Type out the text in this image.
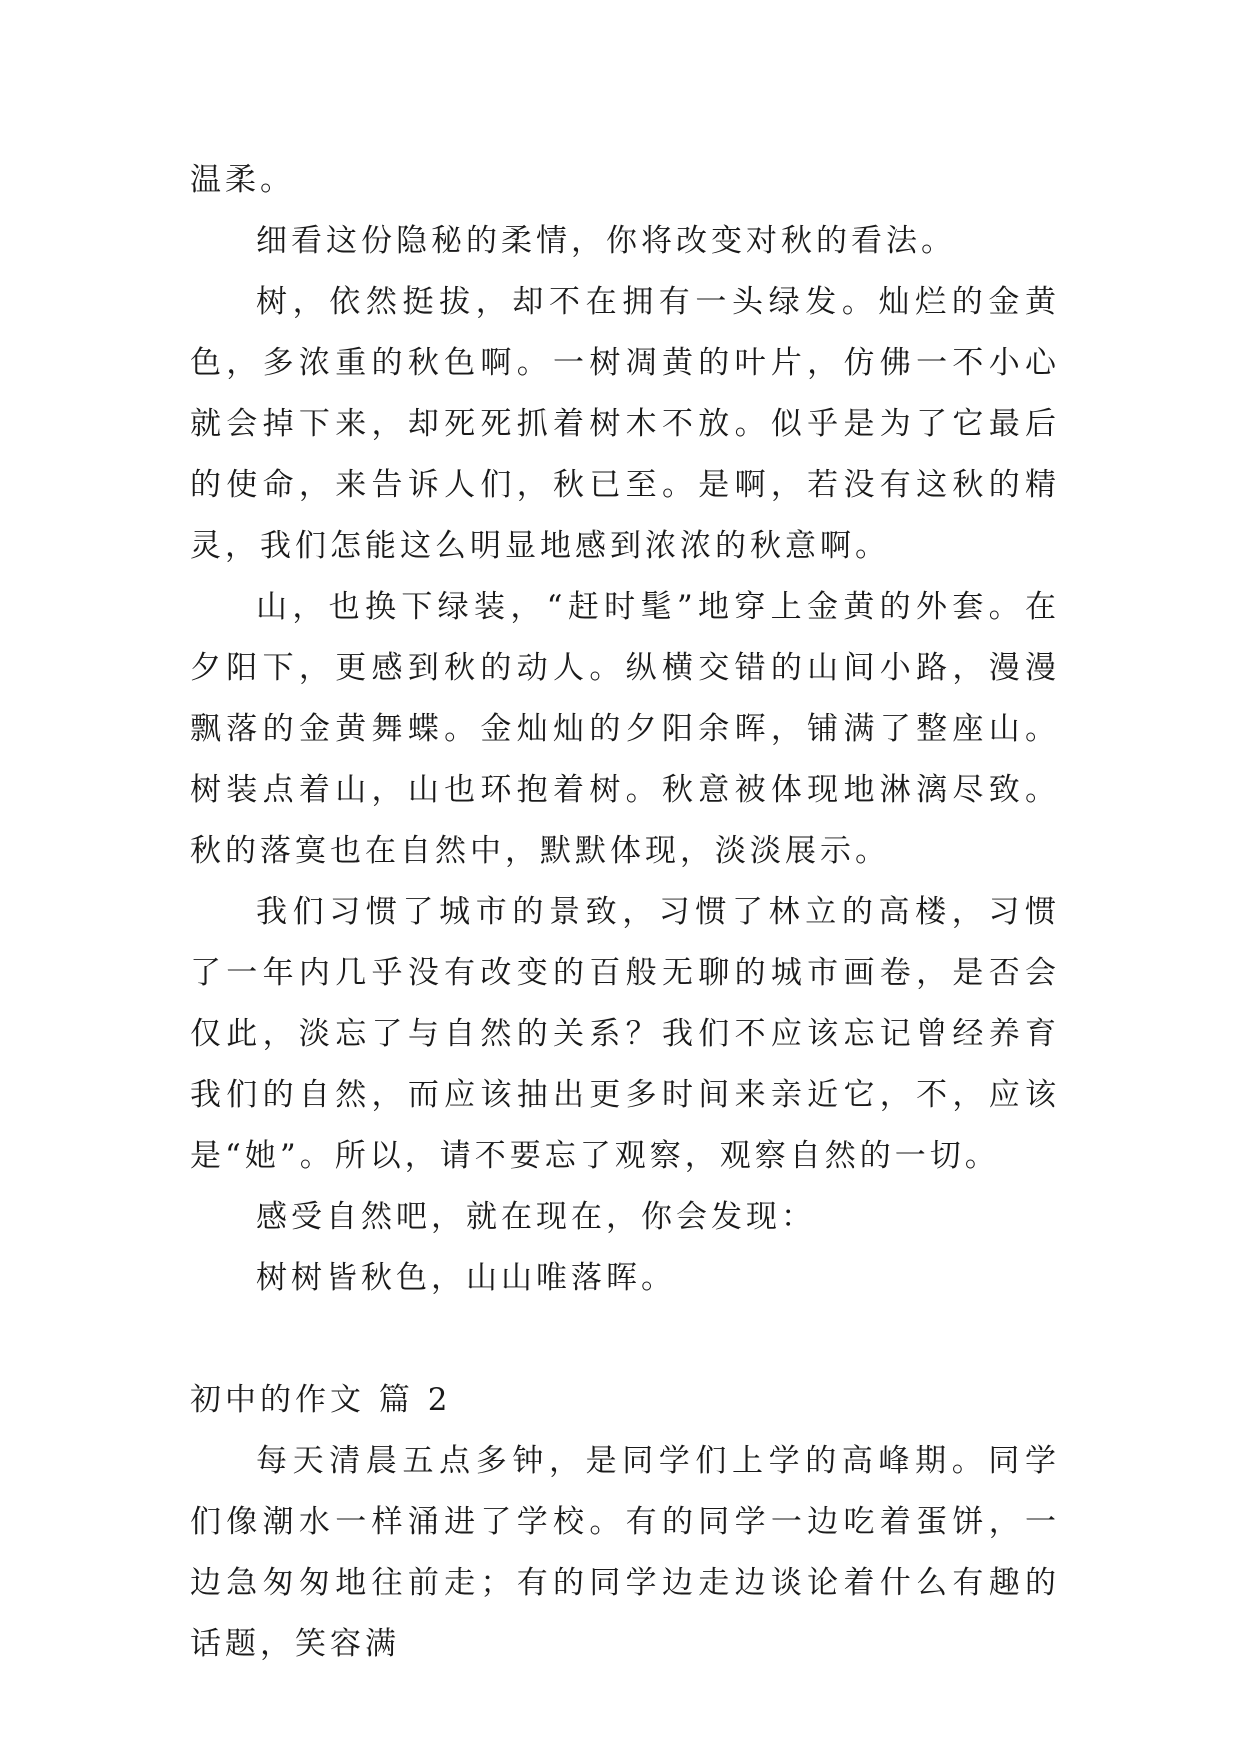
温柔。

细看这份隐秘的柔情，你将改变对秋的看法。

树，依然挺拔，却不在拥有一头绿发。灿烂的金黄色，多浓重的秋色啊。一树凋黄的叶片，仿佛一不小心就会掉下来，却死死抓着树木不放。似乎是为了它最后的使命，来告诉人们，秋已至。是啊，若没有这秋的精灵，我们怎能这么明显地感到浓浓的秋意啊。

山，也换下绿装，“赶时髦”地穿上金黄的外套。在夕阳下，更感到秋的动人。纵横交错的山间小路，漫漫飘落的金黄舞蝶。金灿灿的夕阳余晖，铺满了整座山。树装点着山，山也环抱着树。秋意被体现地淋漓尽致。秋的落寞也在自然中，默默体现，淡淡展示。

我们习惯了城市的景致，习惯了林立的高楼，习惯了一年内几乎没有改变的百般无聊的城市画卷，是否会仅此，淡忘了与自然的关系？我们不应该忘记曾经养育我们的自然，而应该抽出更多时间来亲近它，不，应该是“她”。所以，请不要忘了观察，观察自然的一切。

感受自然吧，就在现在，你会发现：

树树皆秋色，山山唯落晖。

初中的作文 篇 2

每天清晨五点多钟，是同学们上学的高峰期。同学们像潮水一样涌进了学校。有的同学一边吃着蛋饼，一边急匆匆地往前走；有的同学边走边谈论着什么有趣的话题，笑容满
